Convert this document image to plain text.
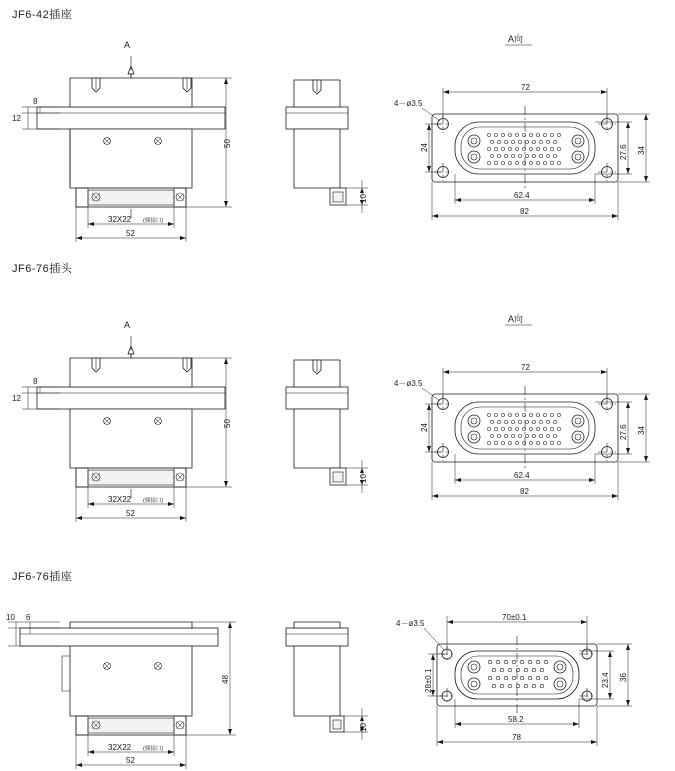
JF6-42插座
A
12
8
50
32X22 (插接口)
52
10
A向
4－ø3.5
72
24	27.6 34
62.4
82
JF6-76插头
A
12
8
50
32X22 (插接口)
52
10
A向
4－ø3.5
72
24	27.6 34
62.4
82
JF6-76插座
10 6
48
32X22 (插接口)
52
10
4－ø3.5
70±0.1
28±0.1	23.4 36
58.2
78
